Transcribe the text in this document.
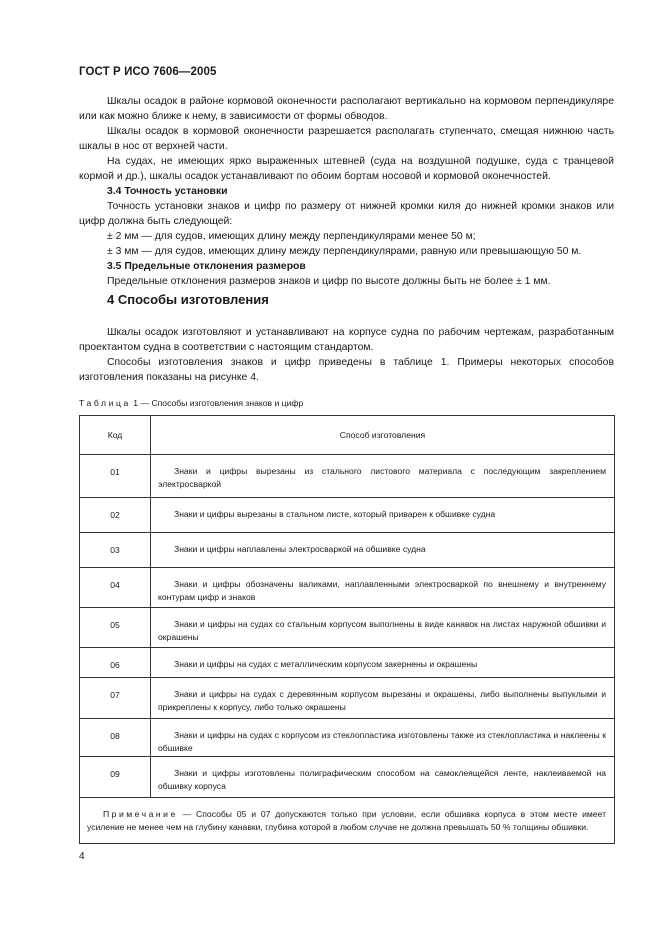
ГОСТ Р ИСО 7606—2005

Шкалы осадок в районе кормовой оконечности располагают вертикально на кормовом перпендикуляре или как можно ближе к нему, в зависимости от формы обводов.

Шкалы осадок в кормовой оконечности разрешается располагать ступенчато, смещая нижнюю часть шкалы в нос от верхней части.

На судах, не имеющих ярко выраженных штевней (суда на воздушной подушке, суда с транцевой кормой и др.), шкалы осадок устанавливают по обоим бортам носовой и кормовой оконечностей.

3.4 Точность установки

Точность установки знаков и цифр по размеру от нижней кромки киля до нижней кромки знаков или цифр должна быть следующей:

± 2 мм — для судов, имеющих длину между перпендикулярами менее 50 м;

± 3 мм — для судов, имеющих длину между перпендикулярами, равную или превышающую 50 м.

3.5 Предельные отклонения размеров

Предельные отклонения размеров знаков и цифр по высоте должны быть не более ± 1 мм.

4 Способы изготовления

Шкалы осадок изготовляют и устанавливают на корпусе судна по рабочим чертежам, разработанным проектантом судна в соответствии с настоящим стандартом.

Способы изготовления знаков и цифр приведены в таблице 1. Примеры некоторых способов изготовления показаны на рисунке 4.

Таблица 1 — Способы изготовления знаков и цифр
Код	Способ изготовления
01	Знаки и цифры вырезаны из стального листового материала с последующим закреплением электросваркой

02	Знаки и цифры вырезаны в стальном листе, который приварен к обшивке судна

03	Знаки и цифры наплавлены электросваркой на обшивке судна

04	Знаки и цифры обозначены валиками, наплавленными электросваркой по внешнему и внутреннему контурам цифр и знаков

05	Знаки и цифры на судах со стальным корпусом выполнены в виде канавок на листах наружной обшивки и окрашены

06	Знаки и цифры на судах с металлическим корпусом закернены и окрашены

07	Знаки и цифры на судах с деревянным корпусом вырезаны и окрашены, либо выполнены выпуклыми и прикреплены к корпусу, либо только окрашены

08	Знаки и цифры на судах с корпусом из стеклопластика изготовлены также из стеклопластика и наклеены к обшивке

09	Знаки и цифры изготовлены полиграфическим способом на самоклеящейся ленте, наклеиваемой на обшивку корпуса

Примечание — Способы 05 и 07 допускаются только при условии, если обшивка корпуса в этом месте имеет усиление не менее чем на глубину канавки, глубина которой в любом случае не должна превышать 50 % толщины обшивки.	
4
